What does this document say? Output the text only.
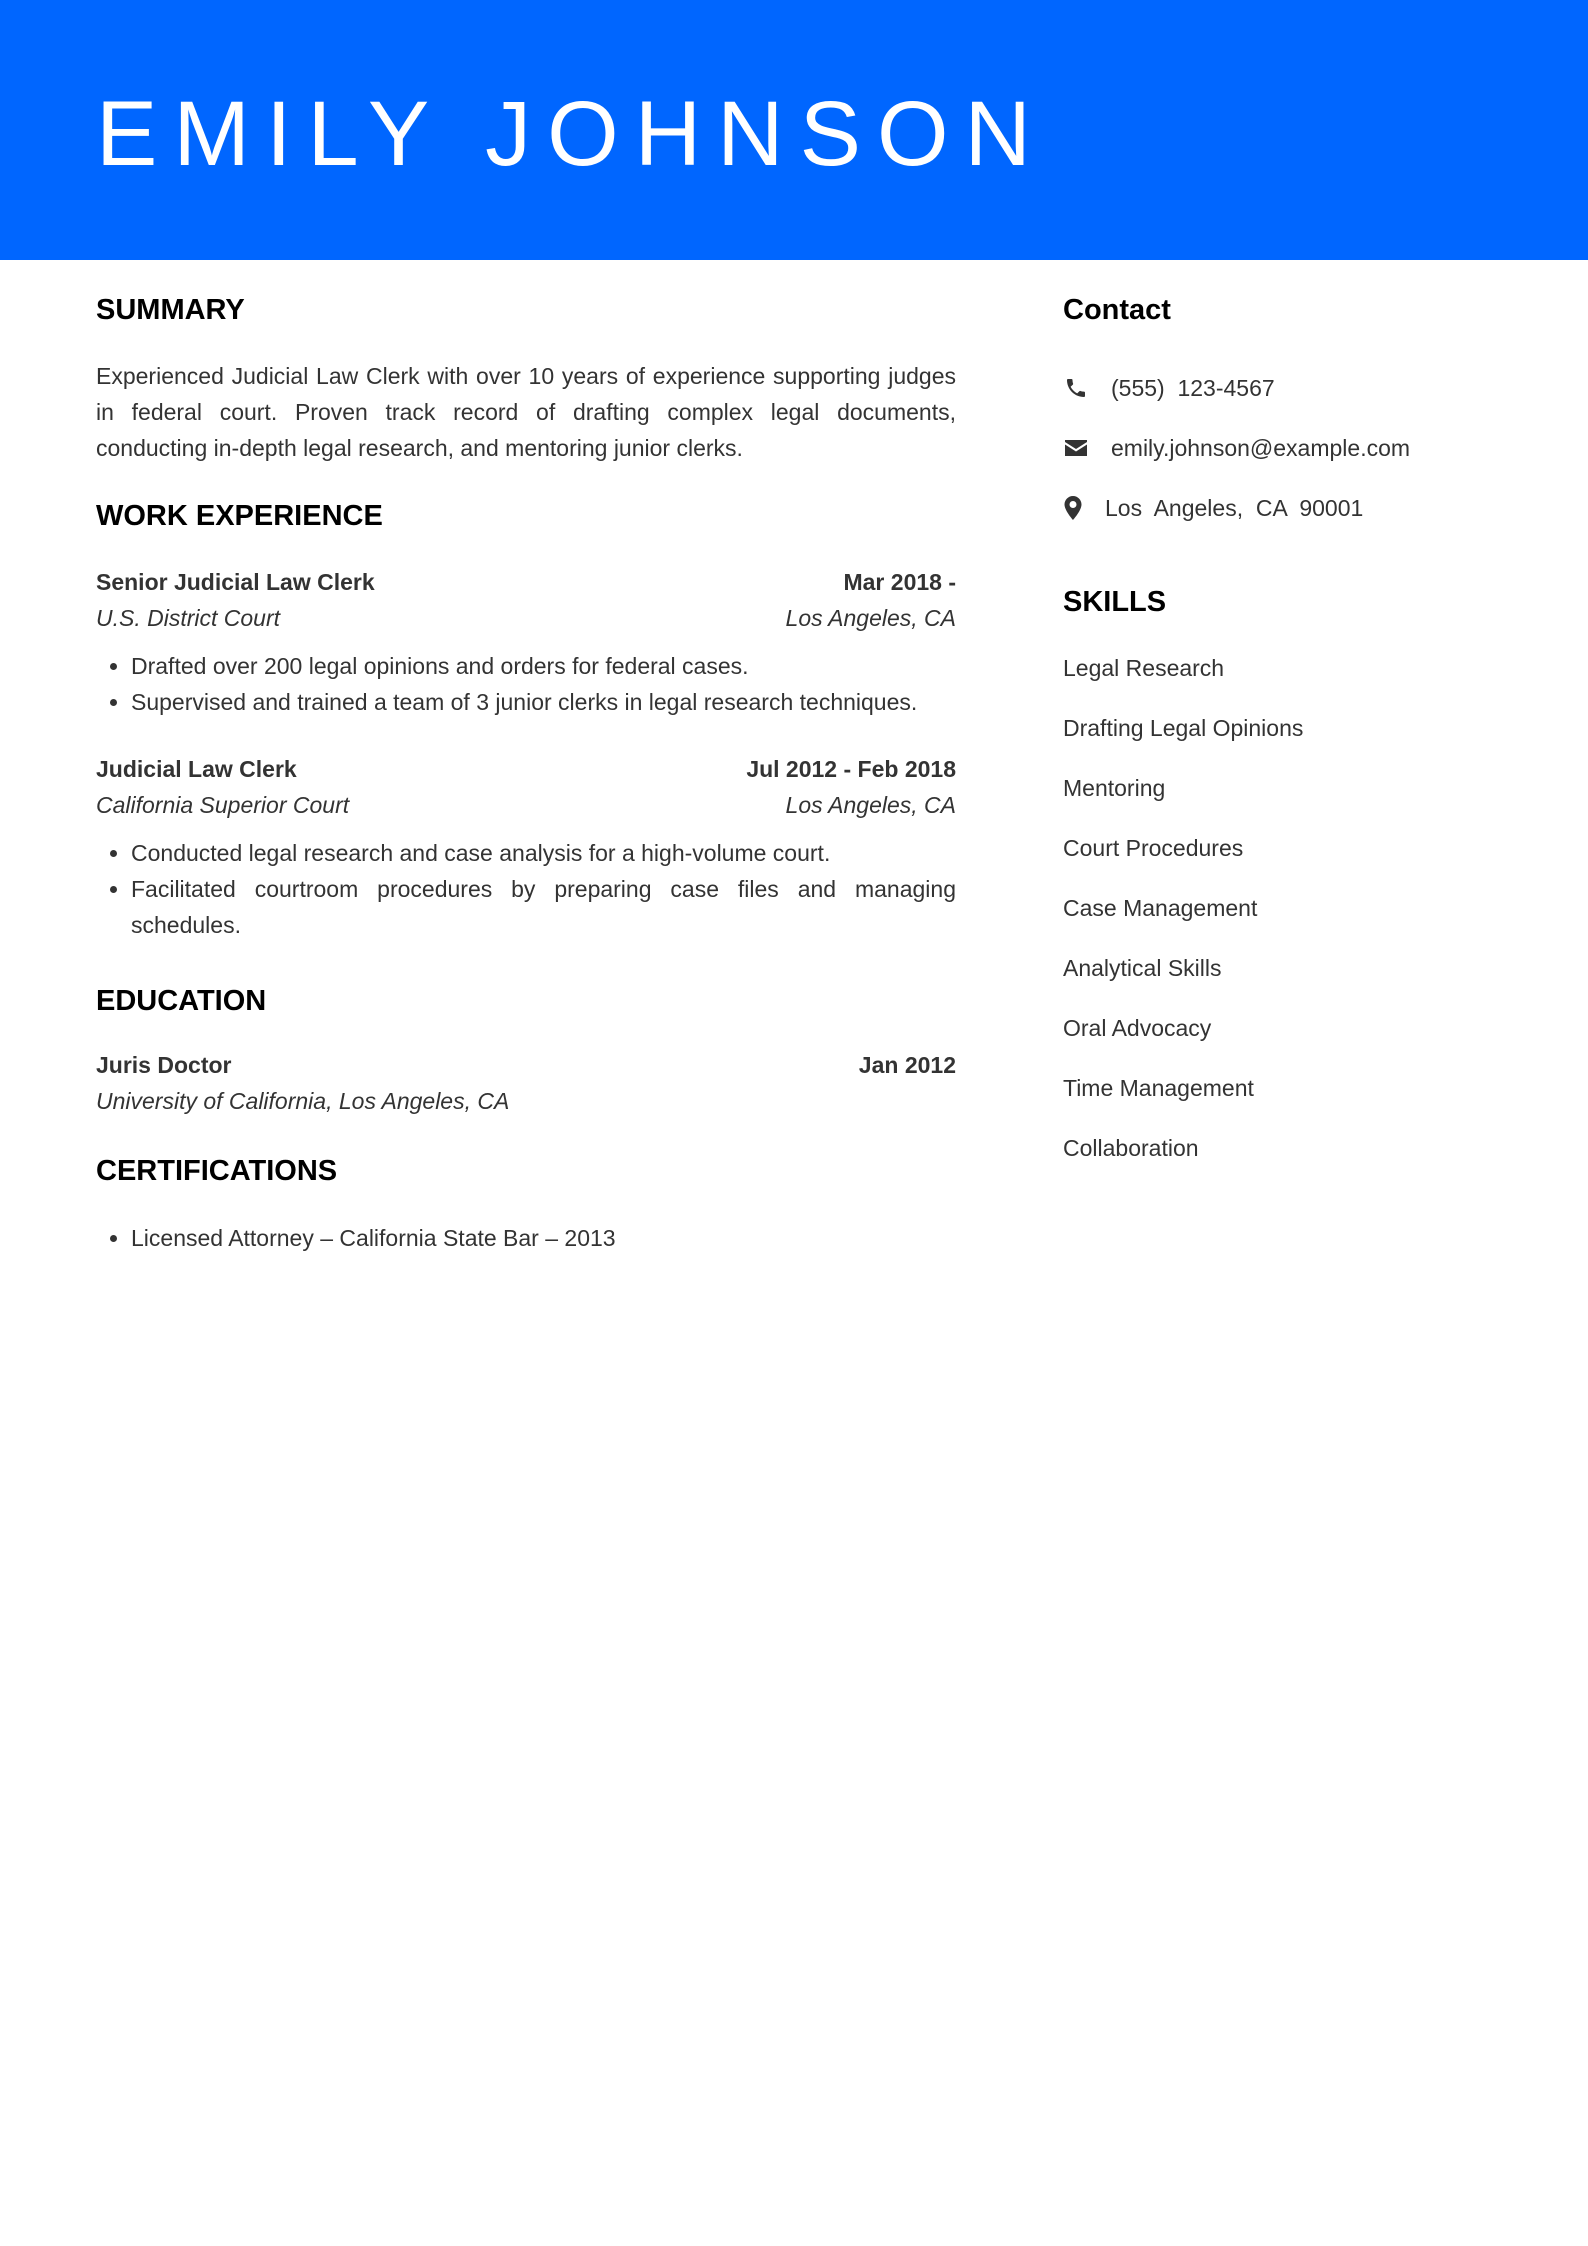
EMILY JOHNSON
SUMMARY

Experienced Judicial Law Clerk with over 10 years of experience supporting judges in federal court. Proven track record of drafting complex legal documents, conducting in-depth legal research, and mentoring junior clerks.

WORK EXPERIENCE
Senior Judicial Law Clerk	Mar 2018 -
U.S. District Court	Los Angeles, CA
• Drafted over 200 legal opinions and orders for federal cases.
• Supervised and trained a team of 3 junior clerks in legal research techniques.
Judicial Law Clerk	Jul 2012 - Feb 2018
California Superior Court	Los Angeles, CA
• Conducted legal research and case analysis for a high-volume court.
• Facilitated courtroom procedures by preparing case files and managing schedules.
EDUCATION
Juris Doctor	Jan 2012
University of California, Los Angeles, CA
CERTIFICATIONS
• Licensed Attorney – California State Bar – 2013
Contact
(555)  123-4567
emily.johnson@example.com
Los  Angeles,  CA  90001
SKILLS
Legal Research
Drafting Legal Opinions
Mentoring
Court Procedures
Case Management
Analytical Skills
Oral Advocacy
Time Management
Collaboration
